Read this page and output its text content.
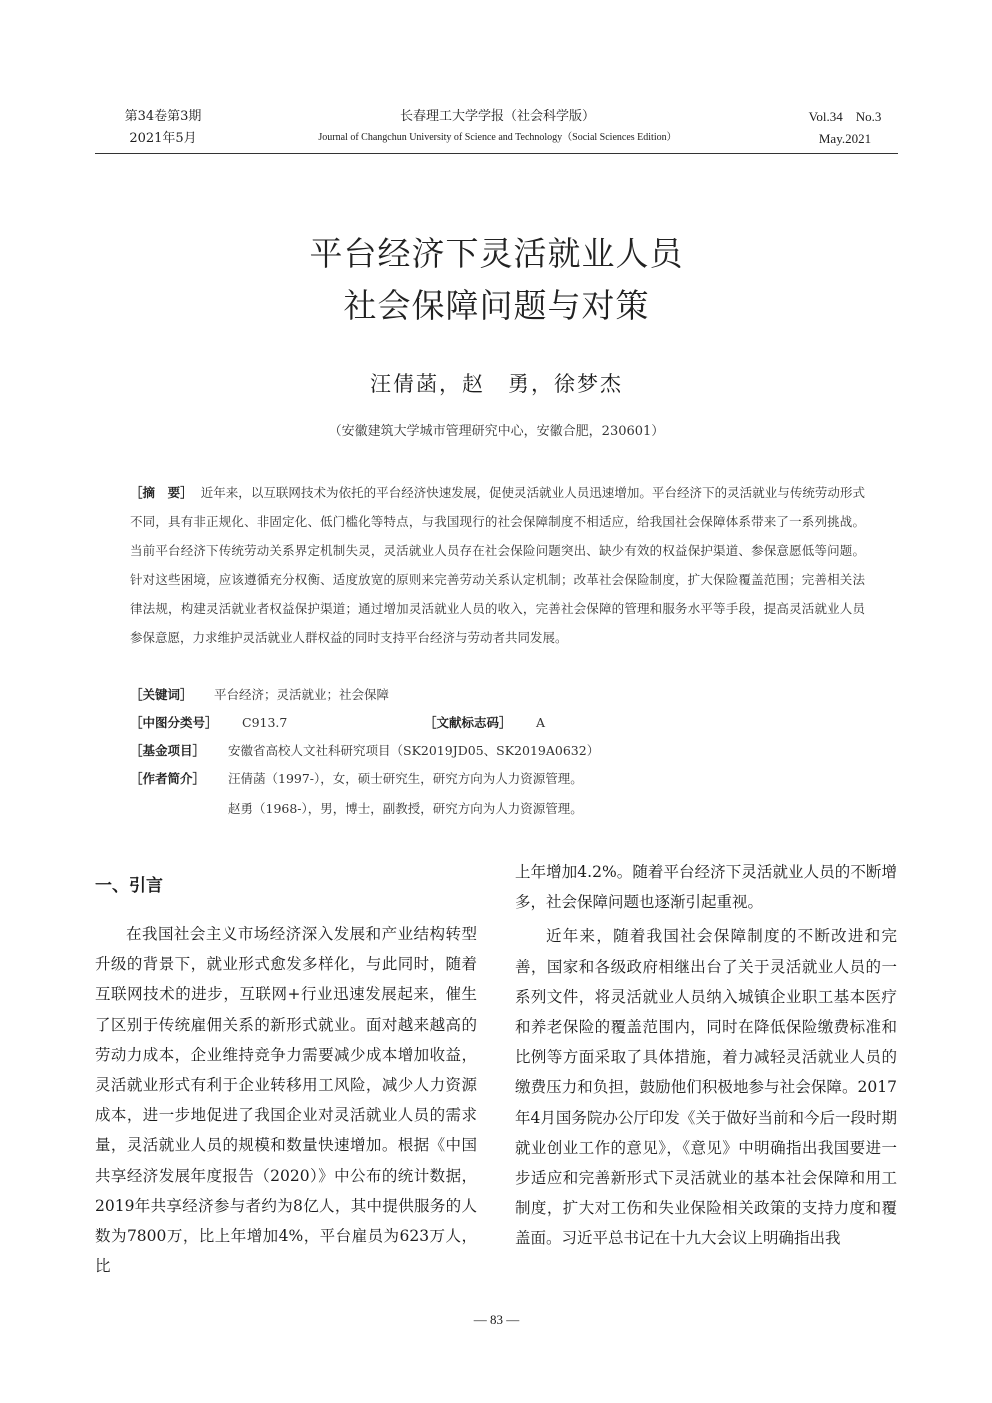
第34卷第3期
2021年5月
长春理工大学学报（社会科学版）
Journal of Changchun University of Science and Technology（Social Sciences Edition）
Vol.34　No.3
May.2021
平台经济下灵活就业人员
社会保障问题与对策
汪倩菡，赵　勇，徐梦杰
（安徽建筑大学城市管理研究中心，安徽合肥，230601）
［摘　要］ 近年来，以互联网技术为依托的平台经济快速发展，促使灵活就业人员迅速增加。平台经济下的灵活就业与传统劳动形式不同，具有非正规化、非固定化、低门槛化等特点，与我国现行的社会保障制度不相适应，给我国社会保障体系带来了一系列挑战。当前平台经济下传统劳动关系界定机制失灵，灵活就业人员存在社会保险问题突出、缺少有效的权益保护渠道、参保意愿低等问题。针对这些困境，应该遵循充分权衡、适度放宽的原则来完善劳动关系认定机制；改革社会保险制度，扩大保险覆盖范围；完善相关法律法规，构建灵活就业者权益保护渠道；通过增加灵活就业人员的收入，完善社会保障的管理和服务水平等手段，提高灵活就业人员参保意愿，力求维护灵活就业人群权益的同时支持平台经济与劳动者共同发展。
［关键词］ 平台经济；灵活就业；社会保障
［中图分类号］ C913.7	［文献标志码］ A
［基金项目］ 安徽省高校人文社科研究项目（SK2019JD05、SK2019A0632）
［作者简介］ 汪倩菡（1997-），女，硕士研究生，研究方向为人力资源管理。
赵勇（1968-），男，博士，副教授，研究方向为人力资源管理。
一、引言

在我国社会主义市场经济深入发展和产业结构转型升级的背景下，就业形式愈发多样化，与此同时，随着互联网技术的进步，互联网+行业迅速发展起来，催生了区别于传统雇佣关系的新形式就业。面对越来越高的劳动力成本，企业维持竞争力需要减少成本增加收益，灵活就业形式有利于企业转移用工风险，减少人力资源成本，进一步地促进了我国企业对灵活就业人员的需求量，灵活就业人员的规模和数量快速增加。根据《中国共享经济发展年度报告（2020）》中公布的统计数据，2019年共享经济参与者约为8亿人，其中提供服务的人数为7800万，比上年增加4%，平台雇员为623万人，比

上年增加4.2%。随着平台经济下灵活就业人员的不断增多，社会保障问题也逐渐引起重视。

近年来，随着我国社会保障制度的不断改进和完善，国家和各级政府相继出台了关于灵活就业人员的一系列文件，将灵活就业人员纳入城镇企业职工基本医疗和养老保险的覆盖范围内，同时在降低保险缴费标准和比例等方面采取了具体措施，着力减轻灵活就业人员的缴费压力和负担，鼓励他们积极地参与社会保障。2017年4月国务院办公厅印发《关于做好当前和今后一段时期就业创业工作的意见》，《意见》中明确指出我国要进一步适应和完善新形式下灵活就业的基本社会保障和用工制度，扩大对工伤和失业保险相关政策的支持力度和覆盖面。习近平总书记在十九大会议上明确指出我

— 83 —
